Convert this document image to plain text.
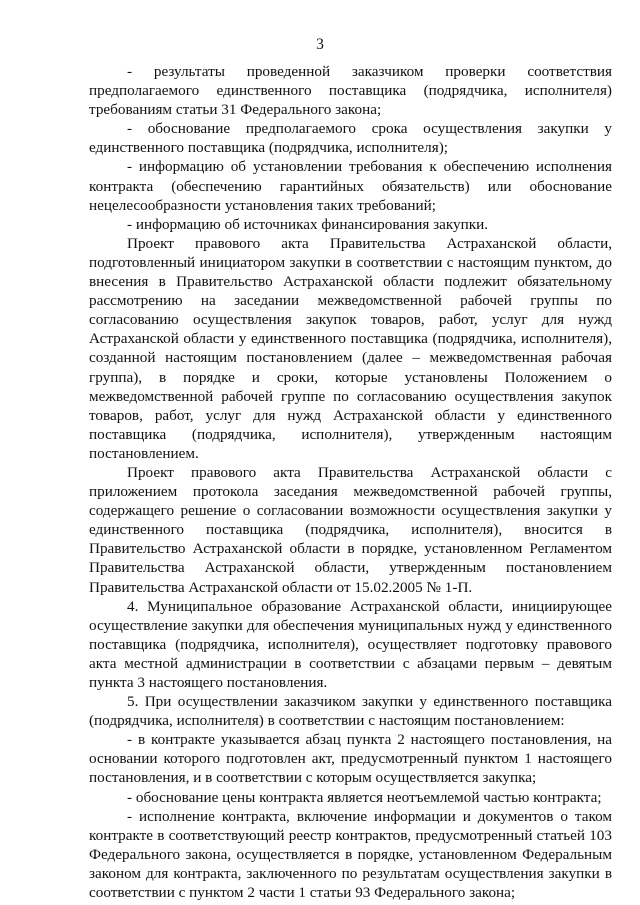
3

- результаты проведенной заказчиком проверки соответствия предполагаемого единственного поставщика (подрядчика, исполнителя) требованиям статьи 31 Федерального закона;

- обоснование предполагаемого срока осуществления закупки у единственного поставщика (подрядчика, исполнителя);

- информацию об установлении требования к обеспечению исполнения контракта (обеспечению гарантийных обязательств) или обоснование нецелесообразности установления таких требований;

- информацию об источниках финансирования закупки.

Проект правового акта Правительства Астраханской области, подготовленный инициатором закупки в соответствии с настоящим пунктом, до внесения в Правительство Астраханской области подлежит обязательному рассмотрению на заседании межведомственной рабочей группы по согласованию осуществления закупок товаров, работ, услуг для нужд Астраханской области у единственного поставщика (подрядчика, исполнителя), созданной настоящим постановлением (далее – межведомственная рабочая группа), в порядке и сроки, которые установлены Положением о межведомственной рабочей группе по согласованию осуществления закупок товаров, работ, услуг для нужд Астраханской области у единственного поставщика (подрядчика, исполнителя), утвержденным настоящим постановлением.

Проект правового акта Правительства Астраханской области с приложением протокола заседания межведомственной рабочей группы, содержащего решение о согласовании возможности осуществления закупки у единственного поставщика (подрядчика, исполнителя), вносится в Правительство Астраханской области в порядке, установленном Регламентом Правительства Астраханской области, утвержденным постановлением Правительства Астраханской области от 15.02.2005 № 1-П.

4. Муниципальное образование Астраханской области, инициирующее осуществление закупки для обеспечения муниципальных нужд у единственного поставщика (подрядчика, исполнителя), осуществляет подготовку правового акта местной администрации в соответствии с абзацами первым – девятым пункта 3 настоящего постановления.

5. При осуществлении заказчиком закупки у единственного поставщика (подрядчика, исполнителя) в соответствии с настоящим постановлением:

- в контракте указывается абзац пункта 2 настоящего постановления, на основании которого подготовлен акт, предусмотренный пунктом 1 настоящего постановления, и в соответствии с которым осуществляется закупка;

- обоснование цены контракта является неотъемлемой частью контракта;

- исполнение контракта, включение информации и документов о таком контракте в соответствующий реестр контрактов, предусмотренный статьей 103 Федерального закона, осуществляется в порядке, установленном Федеральным законом для контракта, заключенного по результатам осуществления закупки в соответствии с пунктом 2 части 1 статьи 93 Федерального закона;
